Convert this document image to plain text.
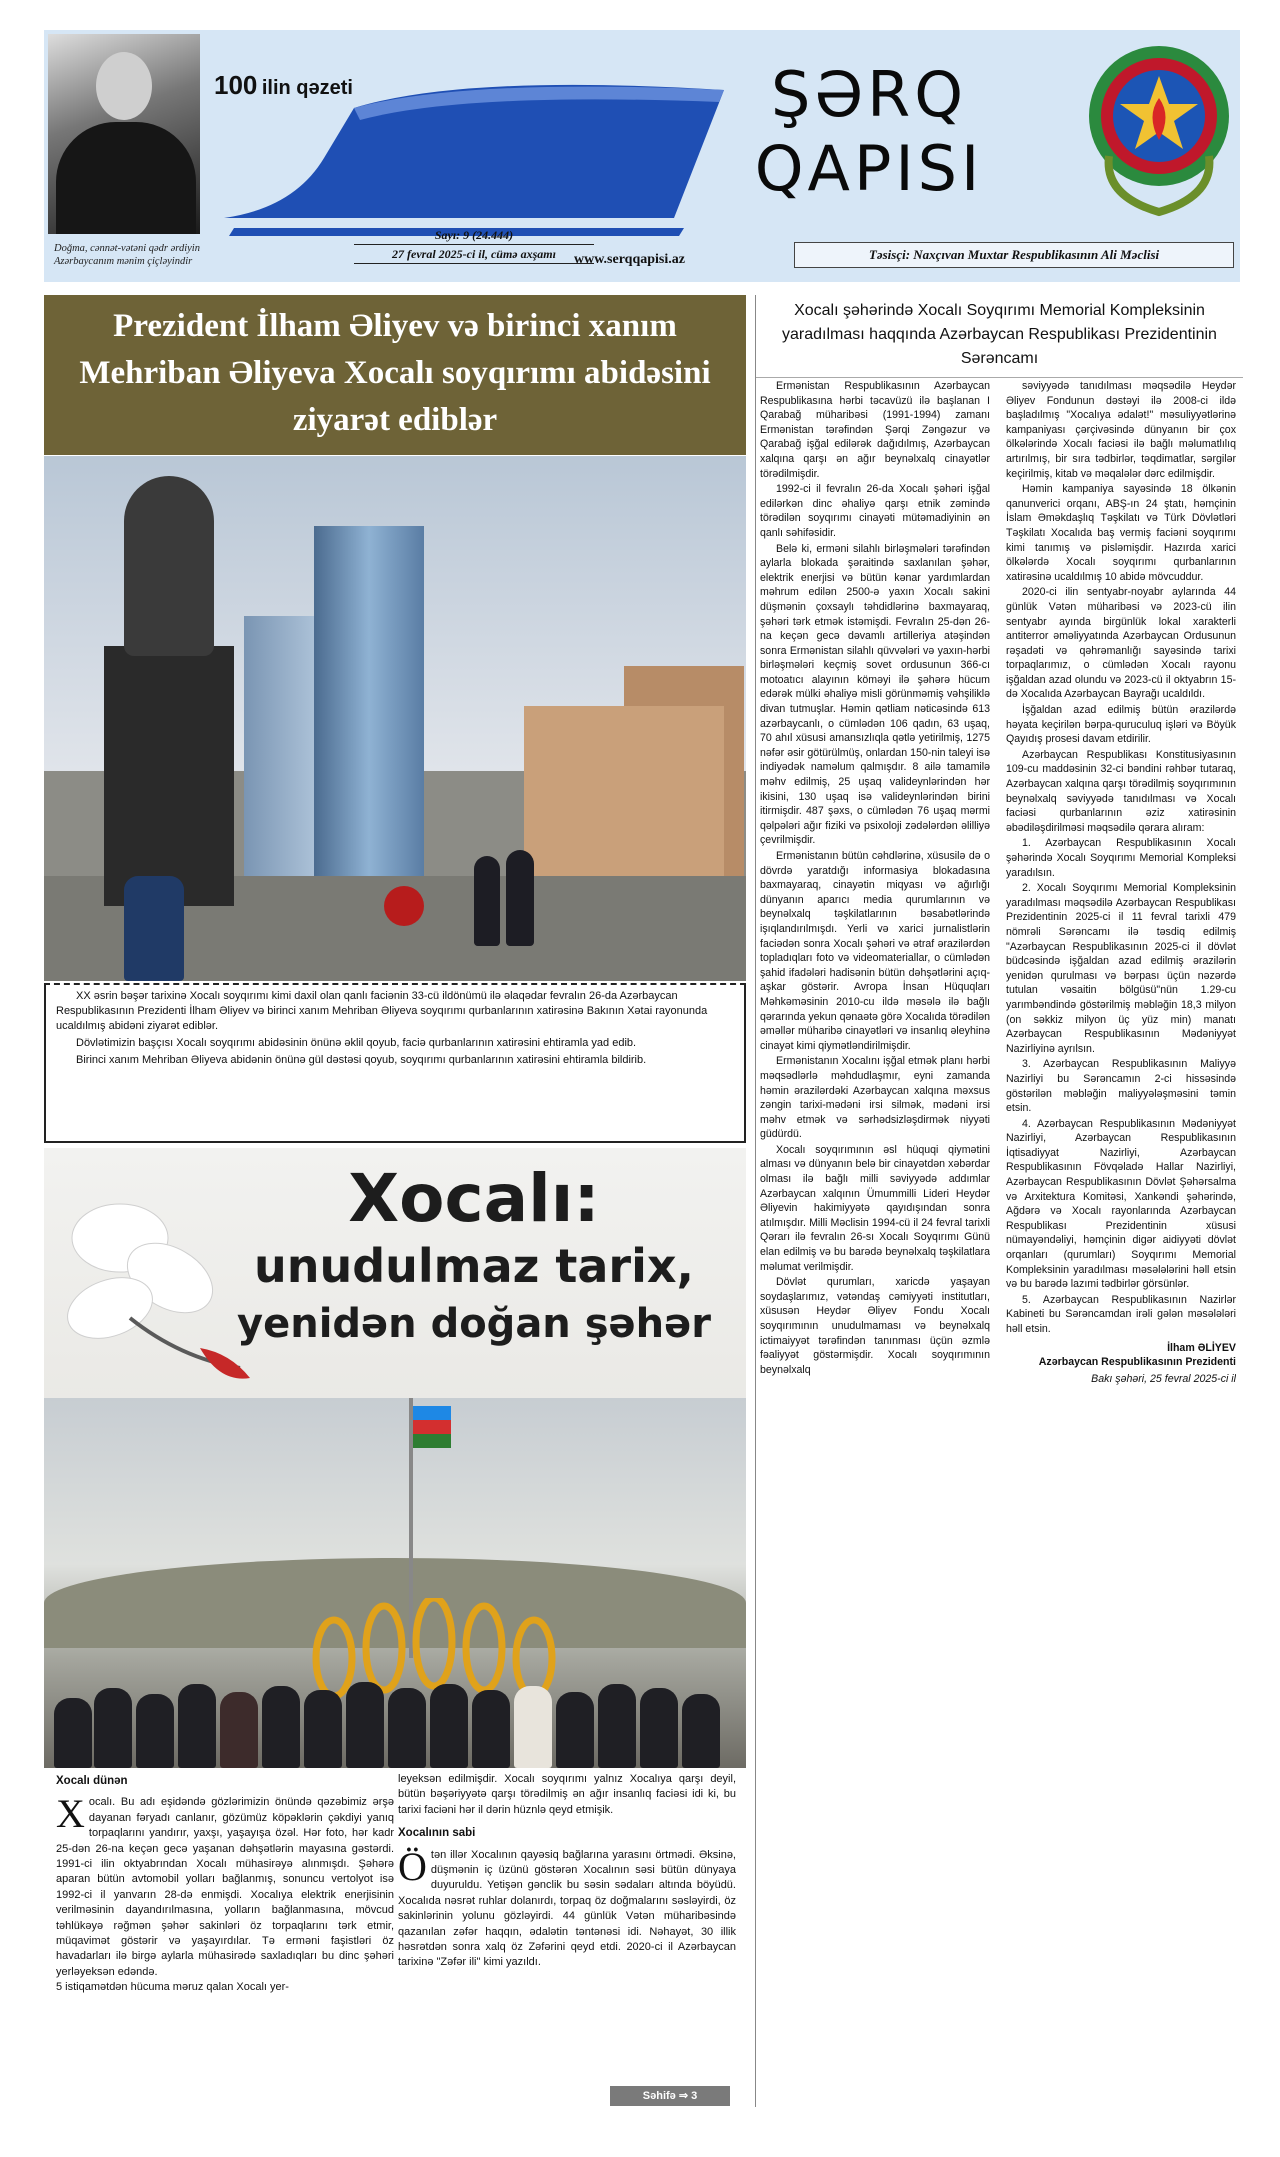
Doğma, cənnət-vətəni qədr ərdiyin Azərbaycanım mənim çiçləyindir
100 ilin qəzeti
Sayı: 9 (24.444)
27 fevral 2025-ci il, cümə axşamı	www.serqqapisi.az
ŞƏRQ
QAPISI
Təsisçi: Naxçıvan Muxtar Respublikasının Ali Məclisi
Prezident İlham Əliyev və birinci xanım Mehriban Əliyeva Xocalı soyqırımı abidəsini ziyarət ediblər

XX əsrin bəşər tarixinə Xocalı soyqırımı kimi daxil olan qanlı faciənin 33-cü ildönümü ilə əlaqədar fevralın 26-da Azərbaycan Respublikasının Prezidenti İlham Əliyev və birinci xanım Mehriban Əliyeva soyqırımı qurbanlarının xatirəsinə Bakının Xətai rayonunda ucaldılmış abidəni ziyarət ediblər.

Dövlətimizin başçısı Xocalı soyqırımı abidəsinin önünə əklil qoyub, faciə qurbanlarının xatirəsini ehtiramla yad edib.

Birinci xanım Mehriban Əliyeva abidənin önünə gül dəstəsi qoyub, soyqırımı qurbanlarının xatirəsini ehtiramla bildirib.

Xocalı:
unudulmaz tarix,
yenidən doğan şəhər
Xocalı dünən

Xocalı. Bu adı eşidəndə gözlərimizin önündə qəzəbimiz ərşə dayanan fəryadı canlanır, gözümüz köpəklərin çəkdiyi yanıq torpaqlarını yandırır, yaxşı, yaşayışa özəl. Hər foto, hər kadr 25-dən 26-na keçən gecə yaşanan dəhşətlərin mayasına gəstərdi. 1991-ci ilin oktyabrından Xocalı mühasirəyə alınmışdı. Şəhərə aparan bütün avtomobil yolları bağlanmış, sonuncu vertolyot isə 1992-ci il yanvarın 28-də enmişdi. Xocalıya elektrik enerjisinin verilməsinin dayandırılmasına, yolların bağlanmasına, mövcud təhlükəyə rəğmən şəhər sakinləri öz torpaqlarını tərk etmir, müqavimət göstərir və yaşayırdılar. Tə erməni faşistləri öz havadarları ilə birgə aylarla mühasirədə saxladıqları bu dinc şəhəri yerləyeksən edəndə.

5 istiqamətdən hücuma məruz qalan Xocalı yer-

leyeksən edilmişdir. Xocalı soyqırımı yalnız Xocalıya qarşı deyil, bütün bəşəriyyətə qarşı törədilmiş ən ağır insanlıq faciəsi idi ki, bu tarixi faciəni hər il dərin hüznlə qeyd etmişik.

Xocalının sabi

Ötən illər Xocalının qayəsiq bağlarına yarasını örtmədi. Əksinə, düşmənin iç üzünü göstərən Xocalının səsi bütün dünyaya duyuruldu. Yetişən gənclik bu səsin sədaları altında böyüdü. Xocalıda nəsrət ruhlar dolanırdı, torpaq öz doğmalarını səsləyirdi, öz sakinlərinin yolunu gözləyirdi. 44 günlük Vətən müharibəsində qazanılan zəfər haqqın, ədalətin təntənəsi idi. Nəhayət, 30 illik həsrətdən sonra xalq öz Zəfərini qeyd etdi. 2020-ci il Azərbaycan tarixinə "Zəfər ili" kimi yazıldı.

Səhifə ⇒ 3
Xocalı şəhərində Xocalı Soyqırımı Memorial Kompleksinin yaradılması haqqında Azərbaycan Respublikası Prezidentinin Sərəncamı

Ermənistan Respublikasının Azərbaycan Respublikasına hərbi təcavüzü ilə başlanan I Qarabağ müharibəsi (1991-1994) zamanı Ermənistan tərəfindən Şərqi Zəngəzur və Qarabağ işğal edilərək dağıdılmış, Azərbaycan xalqına qarşı ən ağır beynəlxalq cinayətlər törədilmişdir.

1992-ci il fevralın 26-da Xocalı şəhəri işğal edilərkən dinc əhaliyə qarşı etnik zəmində törədilən soyqırımı cinayəti mütəmadiyinin ən qanlı səhifəsidir.

Belə ki, erməni silahlı birləşmələri tərəfindən aylarla blokada şəraitində saxlanılan şəhər, elektrik enerjisi və bütün kənar yardımlardan məhrum edilən 2500-ə yaxın Xocalı sakini düşmənin çoxsaylı təhdidlərinə baxmayaraq, şəhəri tərk etmək istəmişdi. Fevralın 25-dən 26-na keçən gecə dəvamlı artilleriya atəşindən sonra Ermənistan silahlı qüvvələri və yaxın-hərbi birləşmələri keçmiş sovet ordusunun 366-cı motoatıcı alayının köməyi ilə şəhərə hücum edərək mülki əhaliyə misli görünməmiş vəhşiliklə divan tutmuşlar. Həmin qətliam nəticəsində 613 azərbaycanlı, o cümlədən 106 qadın, 63 uşaq, 70 ahıl xüsusi amansızlıqla qətlə yetirilmiş, 1275 nəfər əsir götürülmüş, onlardan 150-nin taleyi isə indiyədək naməlum qalmışdır. 8 ailə tamamilə məhv edilmiş, 25 uşaq valideynlərindən hər ikisini, 130 uşaq isə valideynlərindən birini itirmişdir. 487 şəxs, o cümlədən 76 uşaq mərmi qəlpələri ağır fiziki və psixoloji zədələrdən əlilliyə çevrilmişdir.

Ermənistanın bütün cəhdlərinə, xüsusilə də o dövrdə yaratdığı informasiya blokadasına baxmayaraq, cinayətin miqyası və ağırlığı dünyanın aparıcı media qurumlarının və beynəlxalq təşkilatlarının bəsabətlərində işıqlandırılmışdı. Yerli və xarici jurnalistlərin faciədən sonra Xocalı şəhəri və ətraf ərazilərdən topladıqları foto və videomateriallar, o cümlədən şahid ifadələri hadisənin bütün dəhşətlərini açıq-aşkar göstərir. Avropa İnsan Hüquqları Məhkəməsinin 2010-cu ildə məsələ ilə bağlı qərarında yekun qənaətə görə Xocalıda törədilən əməllər müharibə cinayətləri və insanlıq əleyhinə cinayət kimi qiymətləndirilmişdir.

Ermənistanın Xocalını işğal etmək planı hərbi məqsədlərlə məhdudlaşmır, eyni zamanda həmin ərazilərdəki Azərbaycan xalqına məxsus zəngin tarixi-mədəni irsi silmək, mədəni irsi məhv etmək və sərhədsizləşdirmək niyyəti güdürdü.

Xocalı soyqırımının əsl hüquqi qiymətini alması və dünyanın belə bir cinayətdən xəbərdar olması ilə bağlı milli səviyyədə addımlar Azərbaycan xalqının Ümummilli Lideri Heydər Əliyevin hakimiyyətə qayıdışından sonra atılmışdır. Milli Məclisin 1994-cü il 24 fevral tarixli Qərarı ilə fevralın 26-sı Xocalı Soyqırımı Günü elan edilmiş və bu barədə beynəlxalq təşkilatlara məlumat verilmişdir.

Dövlət qurumları, xaricdə yaşayan soydaşlarımız, vətəndaş cəmiyyəti institutları, xüsusən Heydər Əliyev Fondu Xocalı soyqırımının unudulmaması və beynəlxalq ictimaiyyət tərəfindən tanınması üçün əzmlə fəaliyyət göstərmişdir. Xocalı soyqırımının beynəlxalq

səviyyədə tanıdılması məqsədilə Heydər Əliyev Fondunun dəstəyi ilə 2008-ci ildə başladılmış "Xocalıya ədalət!" məsuliyyətlərinə kampaniyası çərçivəsində dünyanın bir çox ölkələrində Xocalı faciəsi ilə bağlı məlumatlılıq artırılmış, bir sıra tədbirlər, təqdimatlar, sərgilər keçirilmiş, kitab və məqalələr dərc edilmişdir.

Həmin kampaniya sayəsində 18 ölkənin qanunverici orqanı, ABŞ-ın 24 ştatı, həmçinin İslam Əməkdaşlıq Təşkilatı və Türk Dövlətləri Təşkilatı Xocalıda baş vermiş faciəni soyqırımı kimi tanımış və pisləmişdir. Hazırda xarici ölkələrdə Xocalı soyqırımı qurbanlarının xatirəsinə ucaldılmış 10 abidə mövcuddur.

2020-ci ilin sentyabr-noyabr aylarında 44 günlük Vətən müharibəsi və 2023-cü ilin sentyabr ayında birgünlük lokal xarakterli antiterror əməliyyatında Azərbaycan Ordusunun rəşadəti və qəhrəmanlığı sayəsində tarixi torpaqlarımız, o cümlədən Xocalı rayonu işğaldan azad olundu və 2023-cü il oktyabrın 15-də Xocalıda Azərbaycan Bayrağı ucaldıldı.

İşğaldan azad edilmiş bütün ərazilərdə həyata keçirilən bərpa-quruculuq işləri və Böyük Qayıdış prosesi davam etdirilir.

Azərbaycan Respublikası Konstitusiyasının 109-cu maddəsinin 32-ci bəndini rəhbər tutaraq, Azərbaycan xalqına qarşı törədilmiş soyqırımının beynəlxalq səviyyədə tanıdılması və Xocalı faciəsi qurbanlarının əziz xatirəsinin əbədiləşdirilməsi məqsədilə qərara alıram:

1. Azərbaycan Respublikasının Xocalı şəhərində Xocalı Soyqırımı Memorial Kompleksi yaradılsın.

2. Xocalı Soyqırımı Memorial Kompleksinin yaradılması məqsədilə Azərbaycan Respublikası Prezidentinin 2025-ci il 11 fevral tarixli 479 nömrəli Sərəncamı ilə təsdiq edilmiş "Azərbaycan Respublikasının 2025-ci il dövlət büdcəsində işğaldan azad edilmiş ərazilərin yenidən qurulması və bərpası üçün nəzərdə tutulan vəsaitin bölgüsü"nün 1.29-cu yarımbəndində göstərilmiş məbləğin 18,3 milyon (on səkkiz milyon üç yüz min) manatı Azərbaycan Respublikasının Mədəniyyət Nazirliyinə ayrılsın.

3. Azərbaycan Respublikasının Maliyyə Nazirliyi bu Sərəncamın 2-ci hissəsində göstərilən məbləğin maliyyələşməsini təmin etsin.

4. Azərbaycan Respublikasının Mədəniyyət Nazirliyi, Azərbaycan Respublikasının İqtisadiyyat Nazirliyi, Azərbaycan Respublikasının Fövqəladə Hallar Nazirliyi, Azərbaycan Respublikasının Dövlət Şəhərsalma və Arxitektura Komitəsi, Xankəndi şəhərində, Ağdərə və Xocalı rayonlarında Azərbaycan Respublikası Prezidentinin xüsusi nümayəndəliyi, həmçinin digər aidiyyəti dövlət orqanları (qurumları) Soyqırımı Memorial Kompleksinin yaradılması məsələlərini həll etsin və bu barədə lazımi tədbirlər görsünlər.

5. Azərbaycan Respublikasının Nazirlər Kabineti bu Sərəncamdan irəli gələn məsələləri həll etsin.

İlham ƏLİYEV
Azərbaycan Respublikasının Prezidenti
Bakı şəhəri, 25 fevral 2025-ci il
